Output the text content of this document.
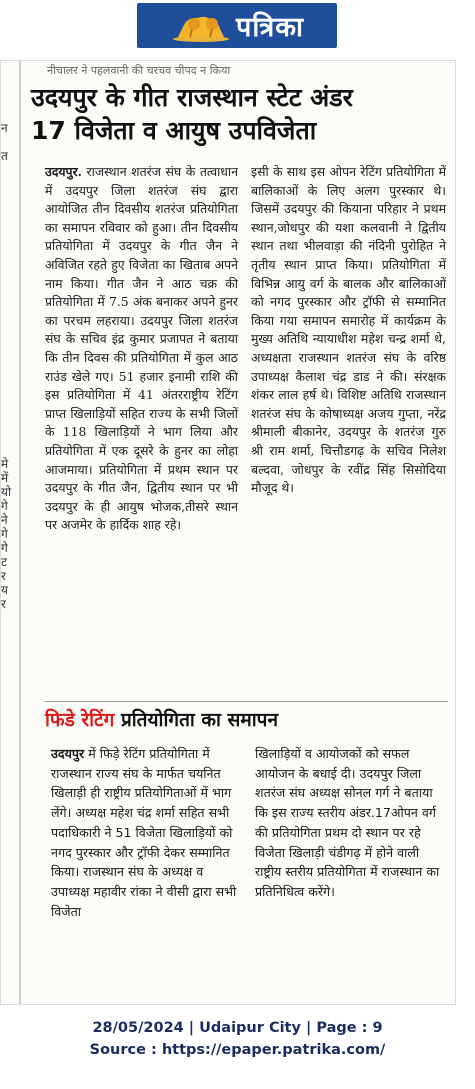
पत्रिका
न

त

मे
में
यो
गे
ने
गे
गे
ट
र
य
र
नीचालर ने पहलवानी की चरचव चीपद न किया
उदयपुर के गीत राजस्थान स्टेट अंडर
17 विजेता व आयुष उपविजेता
उदयपुर. राजस्थान शतरंज संघ के तत्वाधान में उदयपुर जिला शतरंज संघ द्वारा आयोजित तीन दिवसीय शतरंज प्रतियोगिता का समापन रविवार को हुआ। तीन दिवसीय प्रतियोगिता में उदयपुर के गीत जैन ने अविजित रहते हुए विजेता का खिताब अपने नाम किया। गीत जैन ने आठ चक्र की प्रतियोगिता में 7.5 अंक बनाकर अपने हुनर का परचम लहराया। उदयपुर जिला शतरंज संघ के सचिव इंद्र कुमार प्रजापत ने बताया कि तीन दिवस की प्रतियोगिता में कुल आठ राउंड खेले गए। 51 हजार इनामी राशि की इस प्रतियोगिता में 41 अंतरराष्ट्रीय रेटिंग प्राप्त खिलाड़ियों सहित राज्य के सभी जिलों के 118 खिलाड़ियों ने भाग लिया और प्रतियोगिता में एक दूसरे के हुनर का लोहा आजमाया। प्रतियोगिता में प्रथम स्थान पर उदयपुर के गीत जैन, द्वितीय स्थान पर भी उदयपुर के ही आयुष भोजक,तीसरे स्थान पर अजमेर के हार्दिक शाह रहे।
इसी के साथ इस ओपन रेटिंग प्रतियोगिता में बालिकाओं के लिए अलग पुरस्कार थे। जिसमें उदयपुर की कियाना परिहार ने प्रथम स्थान,जोधपुर की यशा कलवानी ने द्वितीय स्थान तथा भीलवाड़ा की नंदिनी पुरोहित ने तृतीय स्थान प्राप्त किया। प्रतियोगिता में विभिन्न आयु वर्ग के बालक और बालिकाओं को नगद पुरस्कार और ट्रॉफी से सम्मानित किया गया समापन समारोह में कार्यक्रम के मुख्य अतिथि न्यायाधीश महेश चन्द्र शर्मा थे, अध्यक्षता राजस्थान शतरंज संघ के वरिष्ठ उपाध्यक्ष कैलाश चंद्र डाड ने की। संरक्षक शंकर लाल हर्ष थे। विशिष्ट अतिथि राजस्थान शतरंज संघ के कोषाध्यक्ष अजय गुप्ता, नरेंद्र श्रीमाली बीकानेर, उदयपुर के शतरंज गुरु श्री राम शर्मा, चित्तौडगढ़ के सचिव निलेश बल्दवा, जोधपुर के रवींद्र सिंह सिसोदिया मौजूद थे।
फिडे रेटिंग प्रतियोगिता का समापन
उदयपुर में फिड़े रेटिंग प्रतियोगिता में राजस्थान राज्य संघ के मार्फत चयनित खिलाड़ी ही राष्ट्रीय प्रतियोगिताओं में भाग लेंगे। अध्यक्ष महेश चंद्र शर्मा सहित सभी पदाधिकारी ने 51 विजेता खिलाड़ियों को नगद पुरस्कार और ट्रॉफी देकर सम्मानित किया। राजस्थान संघ के अध्यक्ष व उपाध्यक्ष महावीर रांका ने वीसी द्वारा सभी विजेता
खिलाड़ियों व आयोजकों को सफल आयोजन के बधाई दी। उदयपुर जिला शतरंज संघ अध्यक्ष सोनल गर्ग ने बताया कि इस राज्य स्तरीय अंडर.17ओपन वर्ग की प्रतियोगिता प्रथम दो स्थान पर रहे विजेता खिलाड़ी चंडीगढ़ में होने वाली राष्ट्रीय स्तरीय प्रतियोगिता में राजस्थान का प्रतिनिधित्व करेंगे।
28/05/2024 | Udaipur City | Page : 9
Source : https://epaper.patrika.com/
